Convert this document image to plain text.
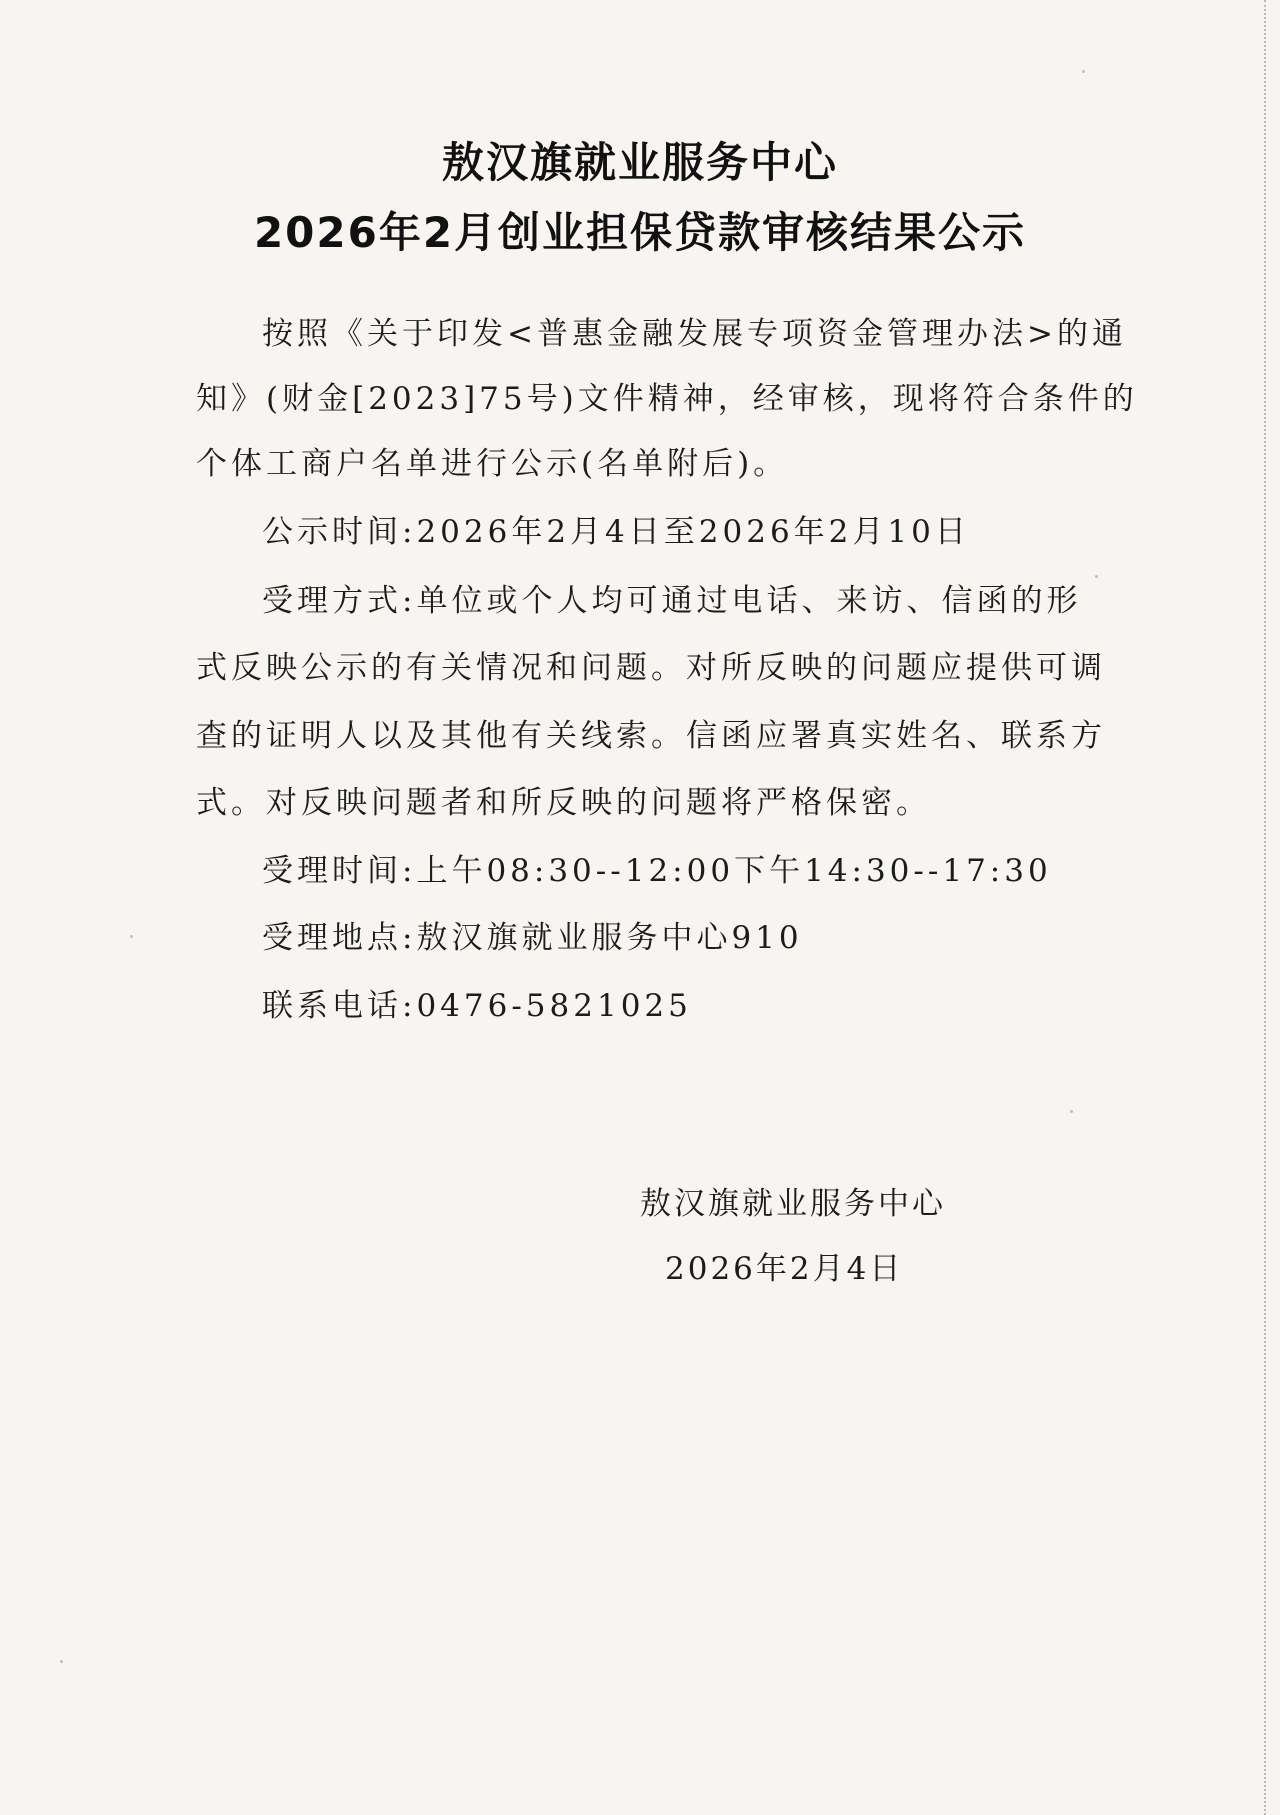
敖汉旗就业服务中心
2026年2月创业担保贷款审核结果公示
按照《关于印发<普惠金融发展专项资金管理办法>的通
知》(财金[2023]75号)文件精神，经审核，现将符合条件的
个体工商户名单进行公示(名单附后)。
公示时间:2026年2月4日至2026年2月10日
受理方式:单位或个人均可通过电话、来访、信函的形
式反映公示的有关情况和问题。对所反映的问题应提供可调
查的证明人以及其他有关线索。信函应署真实姓名、联系方
式。对反映问题者和所反映的问题将严格保密。
受理时间:上午08:30--12:00下午14:30--17:30
受理地点:敖汉旗就业服务中心910
联系电话:0476-5821025
敖汉旗就业服务中心
2026年2月4日
